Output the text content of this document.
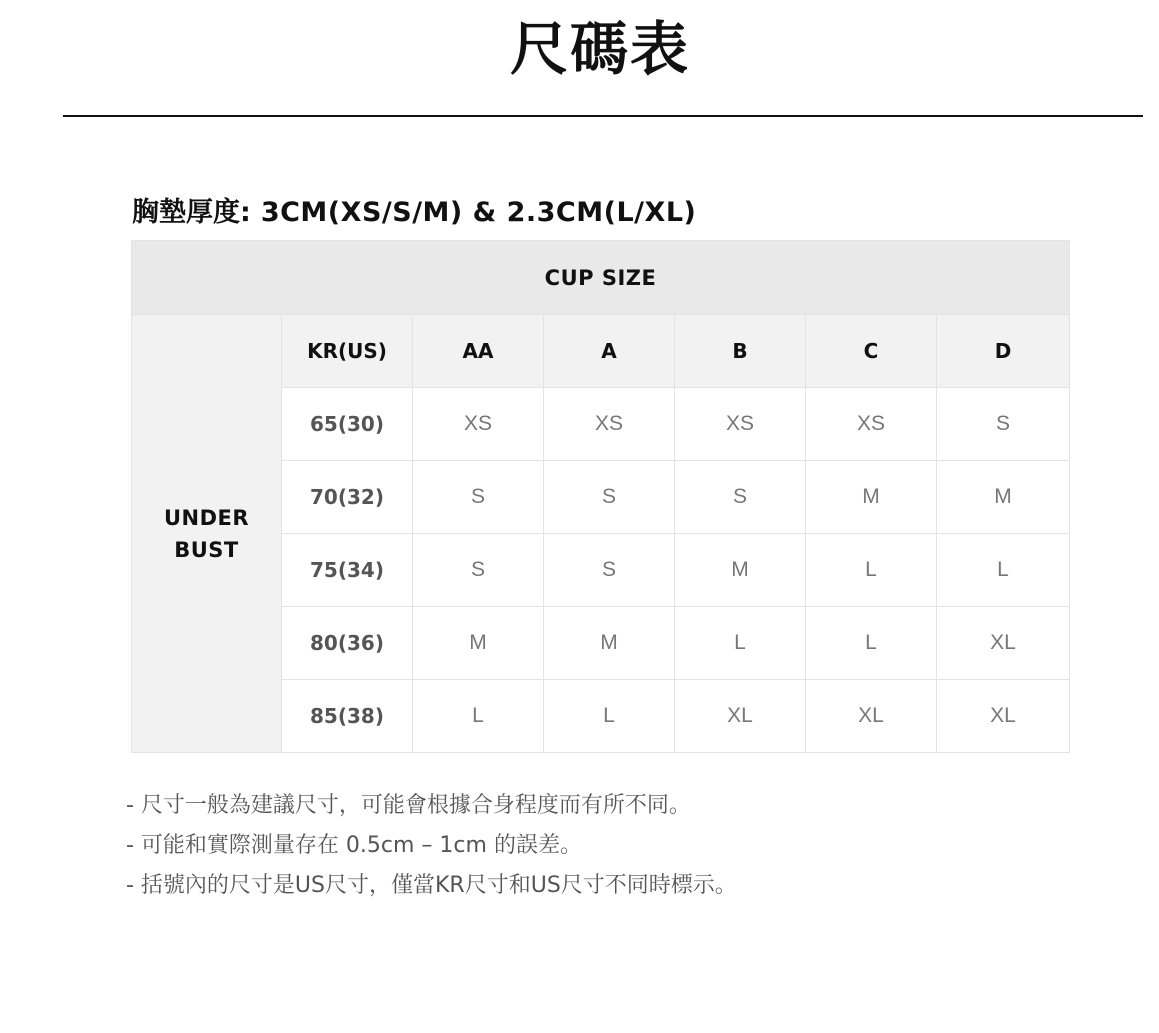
尺碼表
胸墊厚度: 3CM(XS/S/M) & 2.3CM(L/XL)
CUP SIZE						

UNDER
BUST	KR(US)	AA	A	B	C	D
	65(30)	XS	XS	XS	XS	S
	70(32)	S	S	S	M	M
	75(34)	S	S	M	L	L
	80(36)	M	M	L	L	XL
	85(38)	L	L	XL	XL	XL
- 尺寸一般為建議尺寸，可能會根據合身程度而有所不同。
- 可能和實際測量存在 0.5cm – 1cm 的誤差。
- 括號內的尺寸是US尺寸，僅當KR尺寸和US尺寸不同時標示。
